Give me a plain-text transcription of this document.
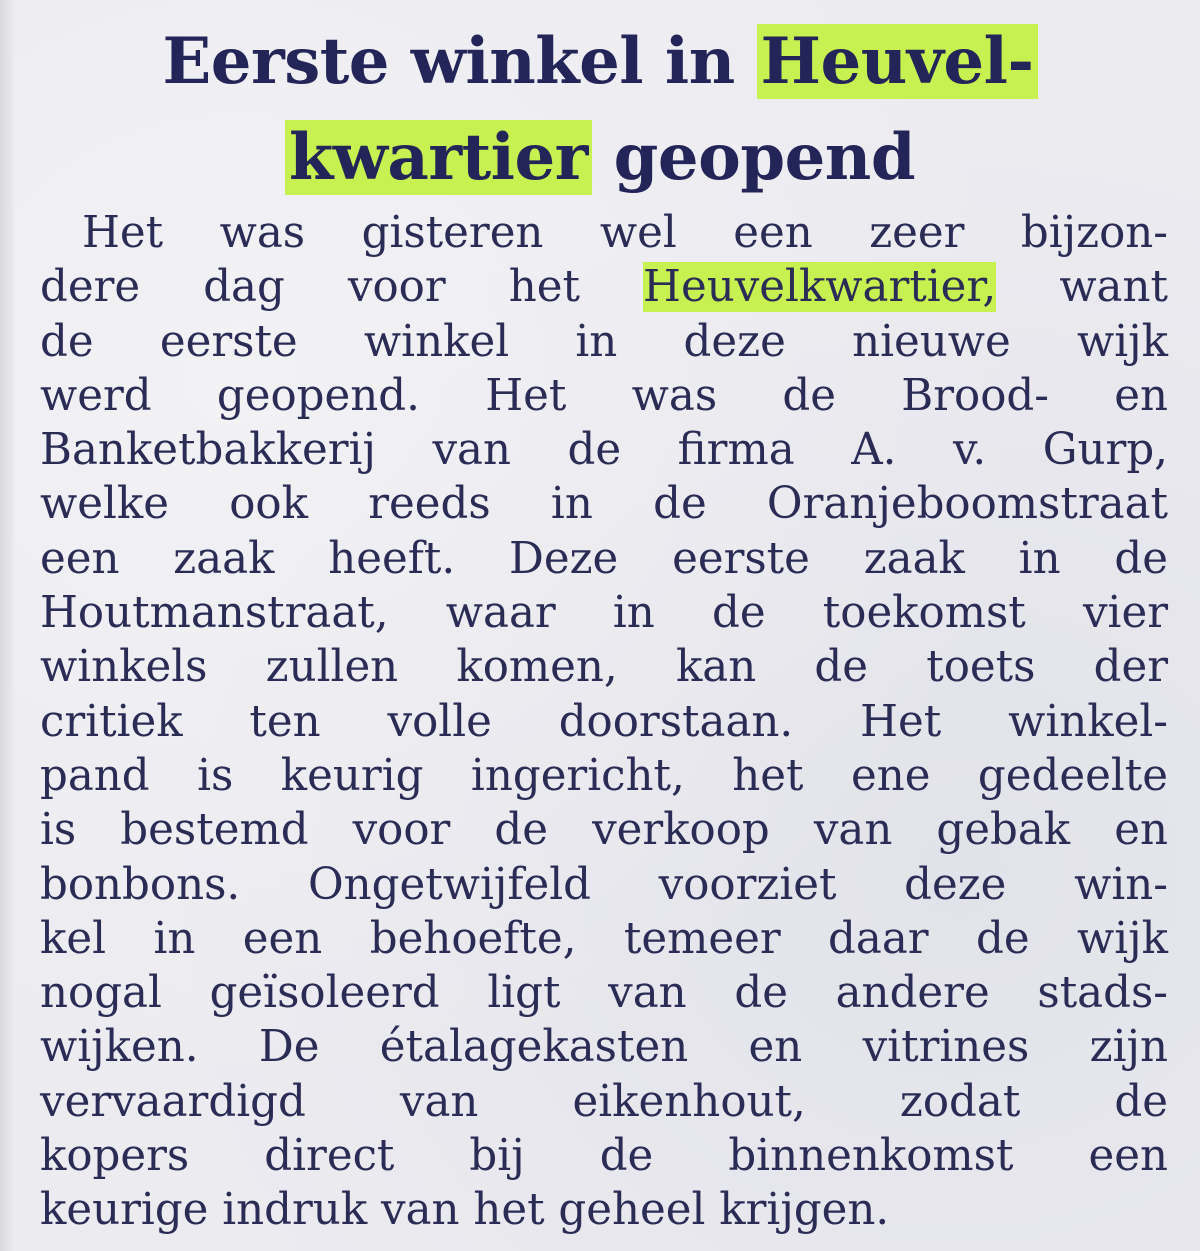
Eerste winkel in Heuvel-
kwartier geopend
Het was gisteren wel een zeer bijzon-
dere dag voor het Heuvelkwartier, want
de eerste winkel in deze nieuwe wijk
werd geopend. Het was de Brood- en
Banketbakkerij van de firma A. v. Gurp,
welke ook reeds in de Oranjeboomstraat
een zaak heeft. Deze eerste zaak in de
Houtmanstraat, waar in de toekomst vier
winkels zullen komen, kan de toets der
critiek ten volle doorstaan. Het winkel-
pand is keurig ingericht, het ene gedeelte
is bestemd voor de verkoop van gebak en
bonbons. Ongetwijfeld voorziet deze win-
kel in een behoefte, temeer daar de wijk
nogal geïsoleerd ligt van de andere stads-
wijken. De étalagekasten en vitrines zijn
vervaardigd van eikenhout, zodat de
kopers direct bij de binnenkomst een
keurige indruk van het geheel krijgen.
